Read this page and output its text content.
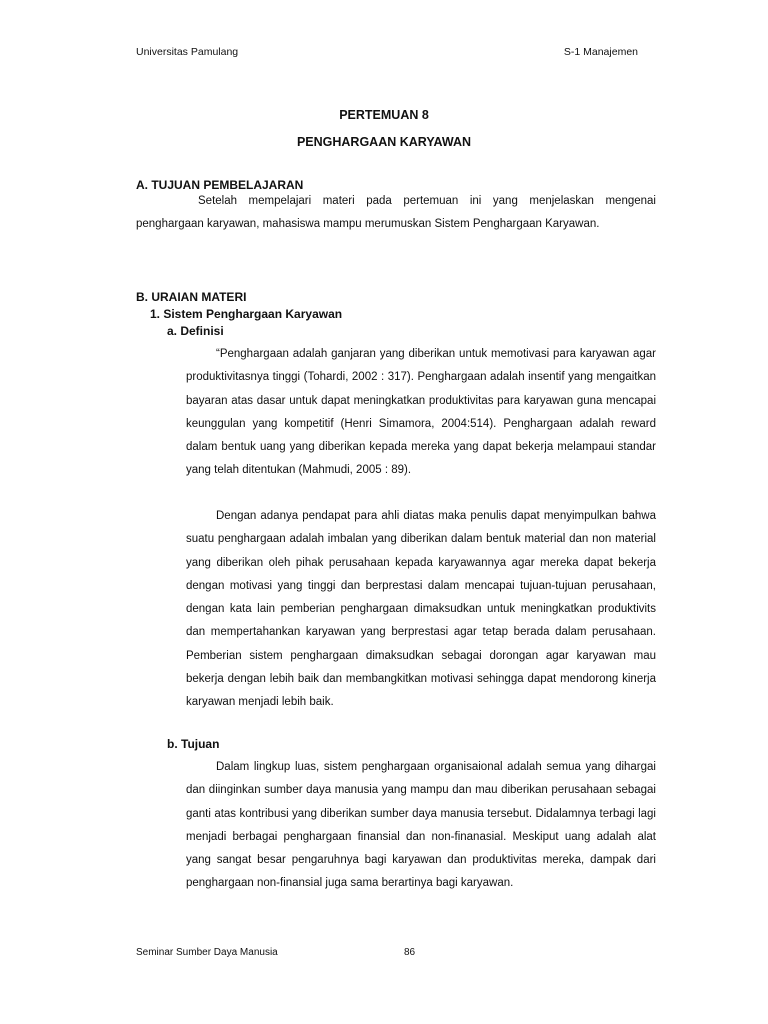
Universitas Pamulang	S-1 Manajemen
PERTEMUAN 8
PENGHARGAAN KARYAWAN
A. TUJUAN PEMBELAJARAN

Setelah mempelajari materi pada pertemuan ini yang menjelaskan mengenai penghargaan karyawan, mahasiswa mampu merumuskan Sistem Penghargaan Karyawan.

B. URAIAN MATERI
1. Sistem Penghargaan Karyawan
a. Definisi

“Penghargaan adalah ganjaran yang diberikan untuk memotivasi para karyawan agar produktivitasnya tinggi (Tohardi, 2002 : 317). Penghargaan adalah insentif yang mengaitkan bayaran atas dasar untuk dapat meningkatkan produktivitas para karyawan guna mencapai keunggulan yang kompetitif (Henri Simamora, 2004:514). Penghargaan adalah reward dalam bentuk uang yang diberikan kepada mereka yang dapat bekerja melampaui standar yang telah ditentukan (Mahmudi, 2005 : 89).

Dengan adanya pendapat para ahli diatas maka penulis dapat menyimpulkan bahwa suatu penghargaan adalah imbalan yang diberikan dalam bentuk material dan non material yang diberikan oleh pihak perusahaan kepada karyawannya agar mereka dapat bekerja dengan motivasi yang tinggi dan berprestasi dalam mencapai tujuan-tujuan perusahaan, dengan kata lain pemberian penghargaan dimaksudkan untuk meningkatkan produktivits dan mempertahankan karyawan yang berprestasi agar tetap berada dalam perusahaan. Pemberian sistem penghargaan dimaksudkan sebagai dorongan agar karyawan mau bekerja dengan lebih baik dan membangkitkan motivasi sehingga dapat mendorong kinerja karyawan menjadi lebih baik.

b. Tujuan

Dalam lingkup luas, sistem penghargaan organisaional adalah semua yang dihargai dan diinginkan sumber daya manusia yang mampu dan mau diberikan perusahaan sebagai ganti atas kontribusi yang diberikan sumber daya manusia tersebut. Didalamnya terbagi lagi menjadi berbagai penghargaan finansial dan non-finanasial. Meskiput uang adalah alat yang sangat besar pengaruhnya bagi karyawan dan produktivitas mereka, dampak dari penghargaan non-finansial juga sama berartinya bagi karyawan.

Seminar Sumber Daya Manusia	86
